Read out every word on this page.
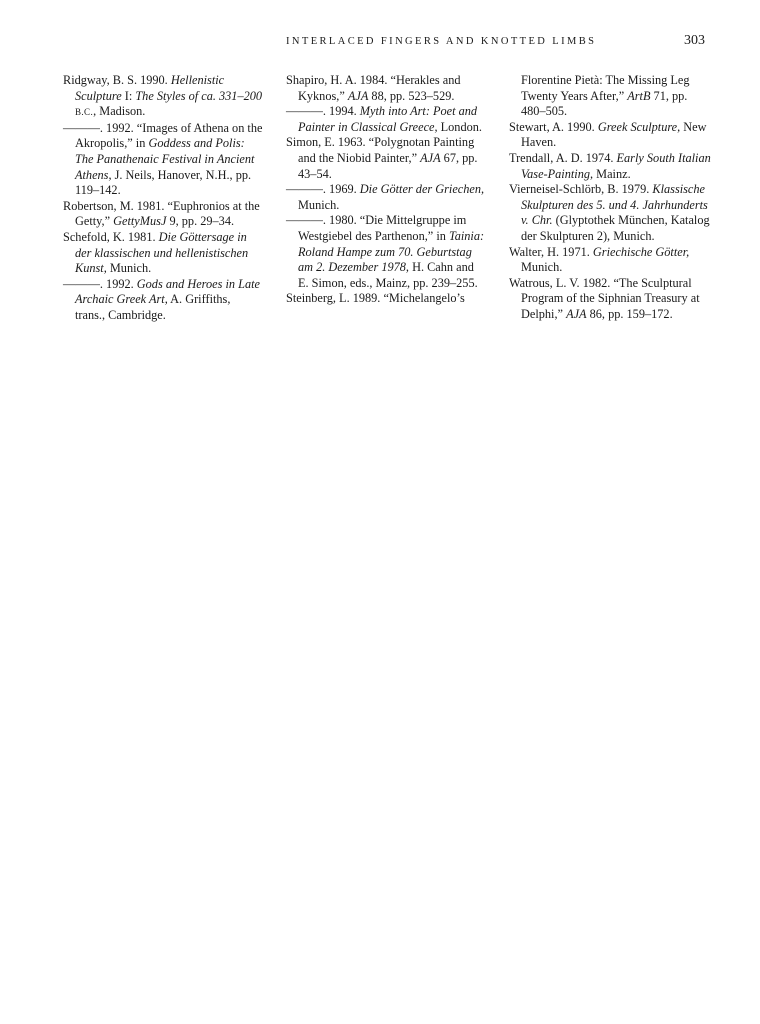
INTERLACED FINGERS AND KNOTTED LIMBS	303

Ridgway, B. S. 1990. Hellenistic Sculpture I: The Styles of ca. 331–200 B.C., Madison.

———. 1992. “Images of Athena on the Akropolis,” in Goddess and Polis: The Panathenaic Festival in Ancient Athens, J. Neils, Hanover, N.H., pp. 119–142.

Robertson, M. 1981. “Euphronios at the Getty,” GettyMusJ 9, pp. 29–34.

Schefold, K. 1981. Die Göttersage in der klassischen und hellenistischen Kunst, Munich.

———. 1992. Gods and Heroes in Late Archaic Greek Art, A. Griffiths, trans., Cambridge.

Shapiro, H. A. 1984. “Herakles and Kyknos,” AJA 88, pp. 523–529.

———. 1994. Myth into Art: Poet and Painter in Classical Greece, London.

Simon, E. 1963. “Polygnotan Painting and the Niobid Painter,” AJA 67, pp. 43–54.

———. 1969. Die Götter der Griechen, Munich.

———. 1980. “Die Mittelgruppe im Westgiebel des Parthenon,” in Tainia: Roland Hampe zum 70. Geburtstag am 2. Dezember 1978, H. Cahn and E. Simon, eds., Mainz, pp. 239–255.

Steinberg, L. 1989. “Michelangelo’s

Florentine Pietà: The Missing Leg Twenty Years After,” ArtB 71, pp. 480–505.

Stewart, A. 1990. Greek Sculpture, New Haven.

Trendall, A. D. 1974. Early South Italian Vase-Painting, Mainz.

Vierneisel-Schlörb, B. 1979. Klassische Skulpturen des 5. und 4. Jahrhunderts v. Chr. (Glyptothek München, Katalog der Skulpturen 2), Munich.

Walter, H. 1971. Griechische Götter, Munich.

Watrous, L. V. 1982. “The Sculptural Program of the Siphnian Treasury at Delphi,” AJA 86, pp. 159–172.
